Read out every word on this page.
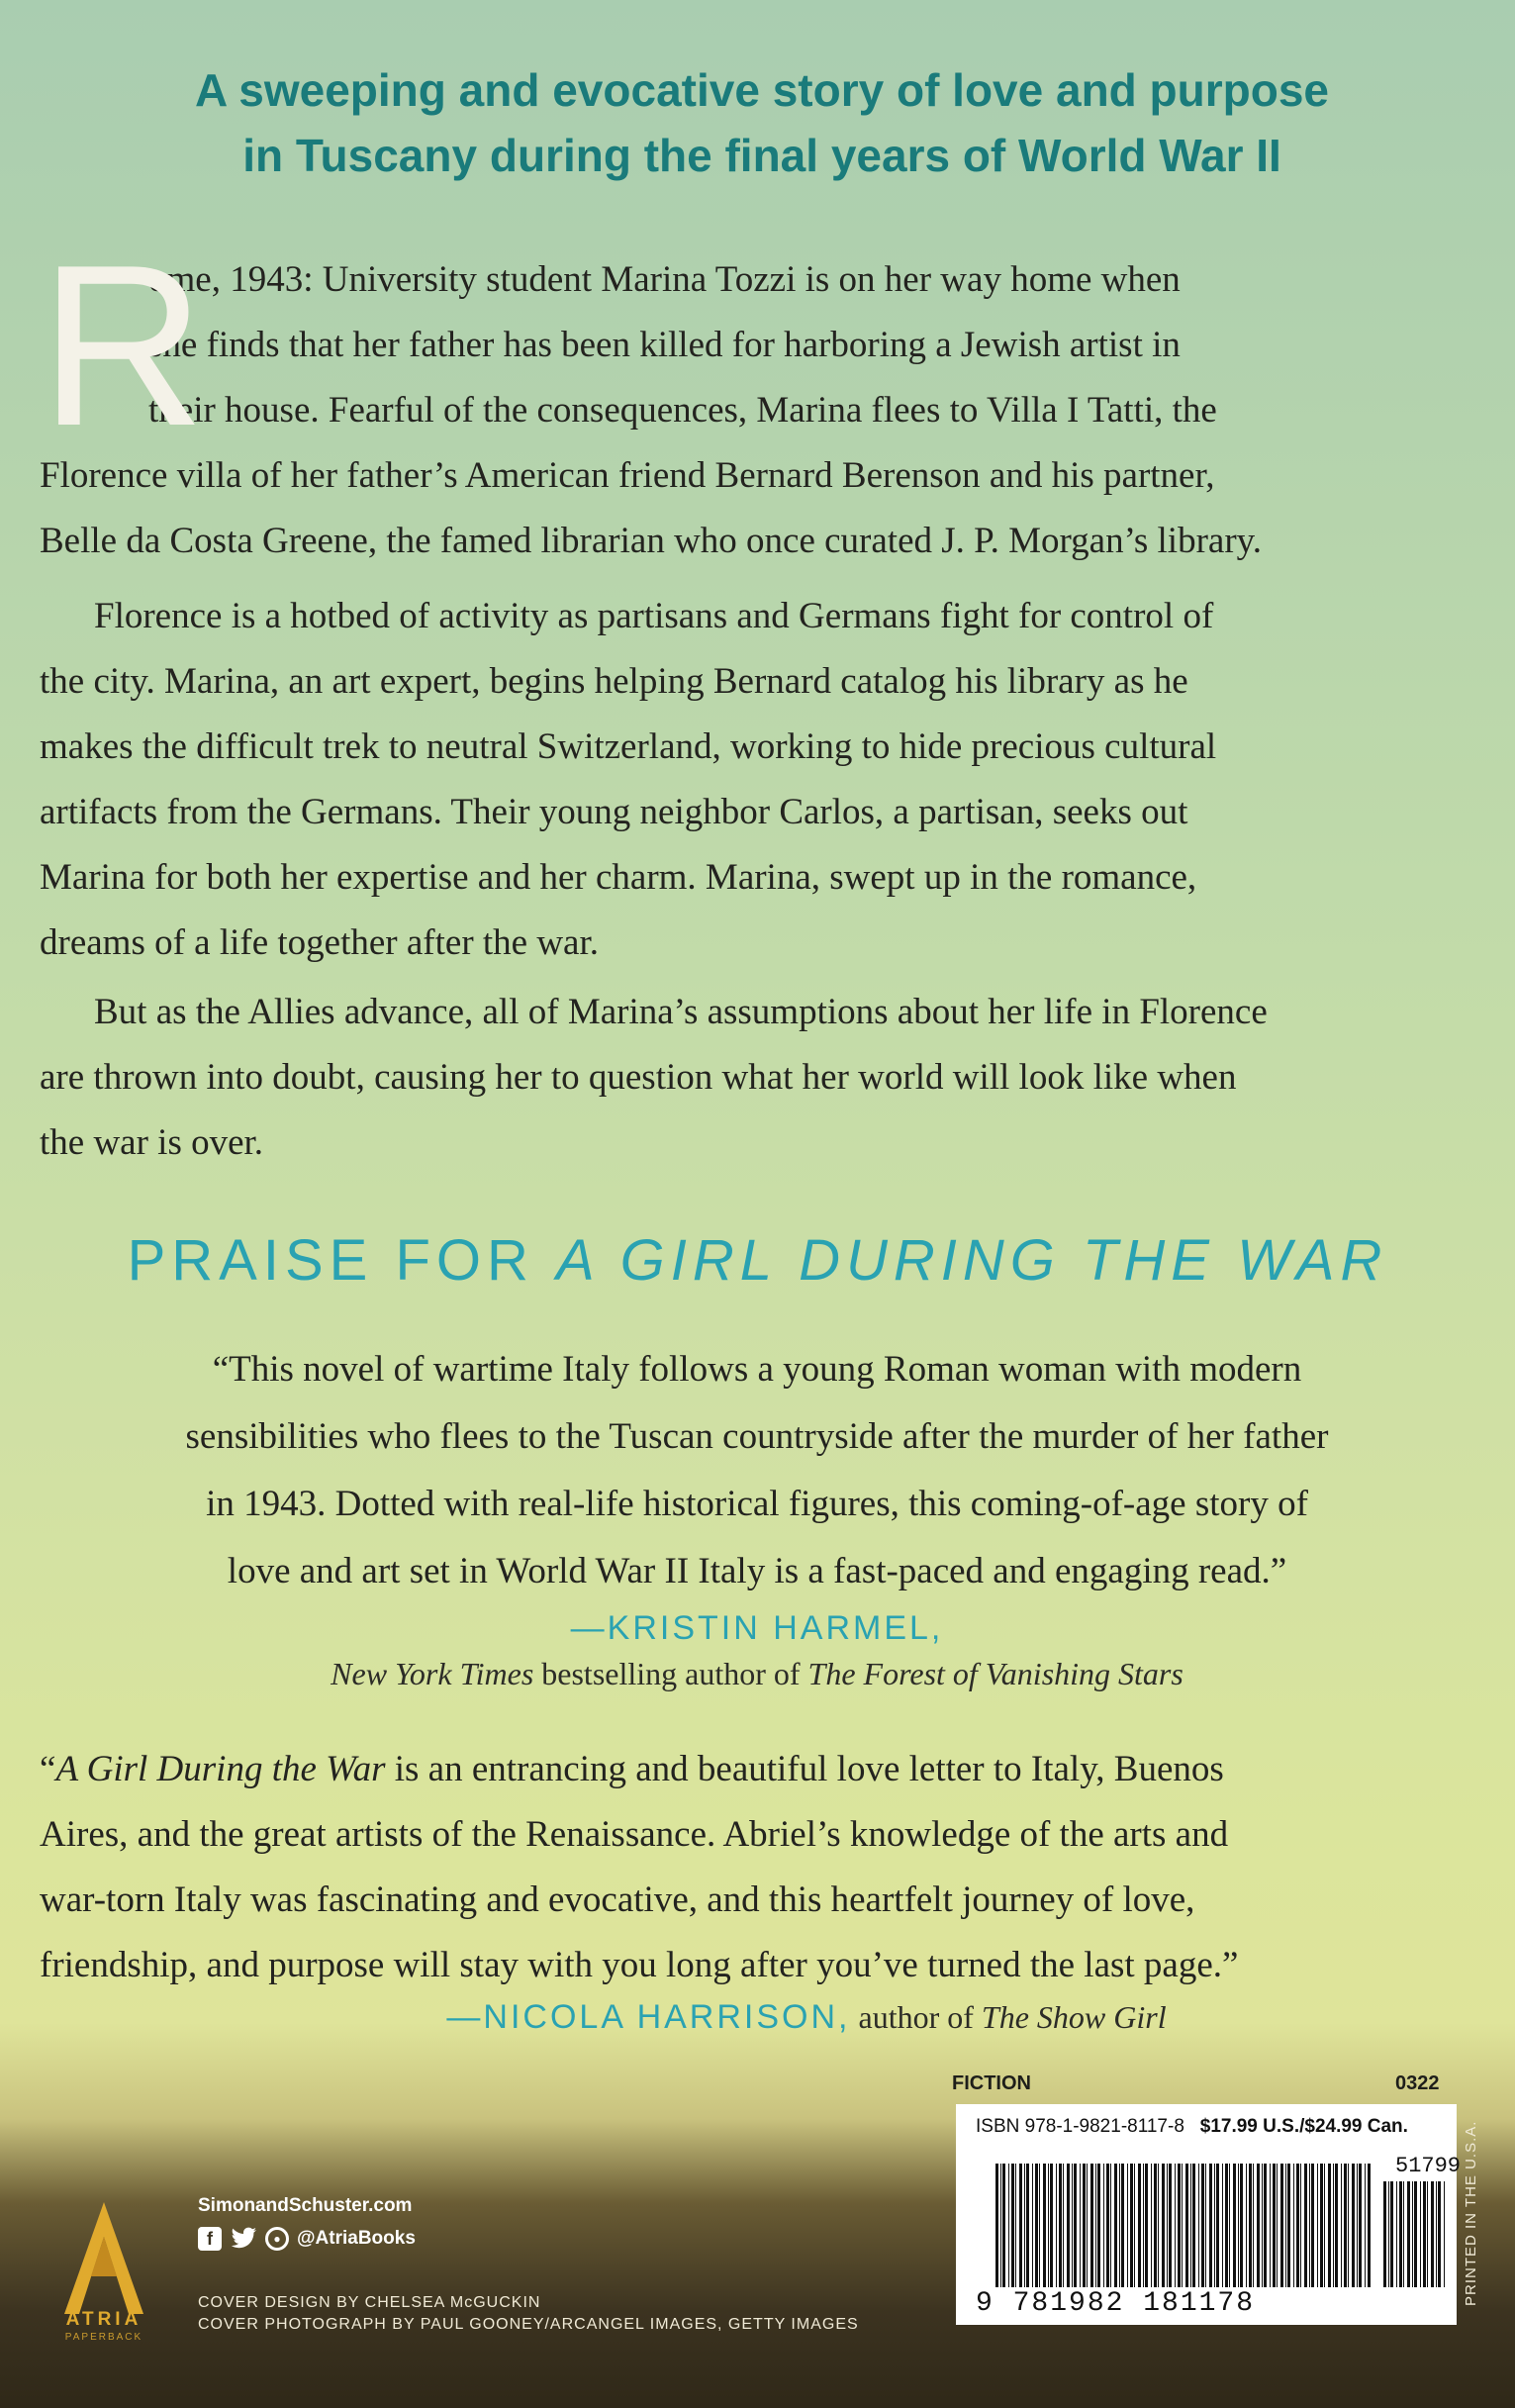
A sweeping and evocative story of love and purpose
in Tuscany during the final years of World War II
R
ome, 1943: University student Marina Tozzi is on her way home when
she finds that her father has been killed for harboring a Jewish artist in
their house. Fearful of the consequences, Marina flees to Villa I Tatti, the
Florence villa of her father’s American friend Bernard Berenson and his partner,
Belle da Costa Greene, the famed librarian who once curated J. P. Morgan’s library.
Florence is a hotbed of activity as partisans and Germans fight for control of
the city. Marina, an art expert, begins helping Bernard catalog his library as he
makes the difficult trek to neutral Switzerland, working to hide precious cultural
artifacts from the Germans. Their young neighbor Carlos, a partisan, seeks out
Marina for both her expertise and her charm. Marina, swept up in the romance,
dreams of a life together after the war.
But as the Allies advance, all of Marina’s assumptions about her life in Florence
are thrown into doubt, causing her to question what her world will look like when
the war is over.
PRAISE FOR A GIRL DURING THE WAR
“This novel of wartime Italy follows a young Roman woman with modern
sensibilities who flees to the Tuscan countryside after the murder of her father
in 1943. Dotted with real-life historical figures, this coming-of-age story of
love and art set in World War II Italy is a fast-paced and engaging read.”
—KRISTIN HARMEL,
New York Times bestselling author of The Forest of Vanishing Stars
“A Girl During the War is an entrancing and beautiful love letter to Italy, Buenos
Aires, and the great artists of the Renaissance. Abriel’s knowledge of the arts and
war-torn Italy was fascinating and evocative, and this heartfelt journey of love,
friendship, and purpose will stay with you long after you’ve turned the last page.”
—NICOLA HARRISON, author of The Show Girl
FICTION	0322
ISBN 978-1-9821-8117-8 $17.99 U.S./$24.99 Can.
51799
9 781982 181178	PRINTED IN THE U.S.A.
ATRIA
PAPERBACK
SimonandSchuster.com
f	● @AtriaBooks
COVER DESIGN BY CHELSEA McGUCKIN
COVER PHOTOGRAPH BY PAUL GOONEY/ARCANGEL IMAGES, GETTY IMAGES
